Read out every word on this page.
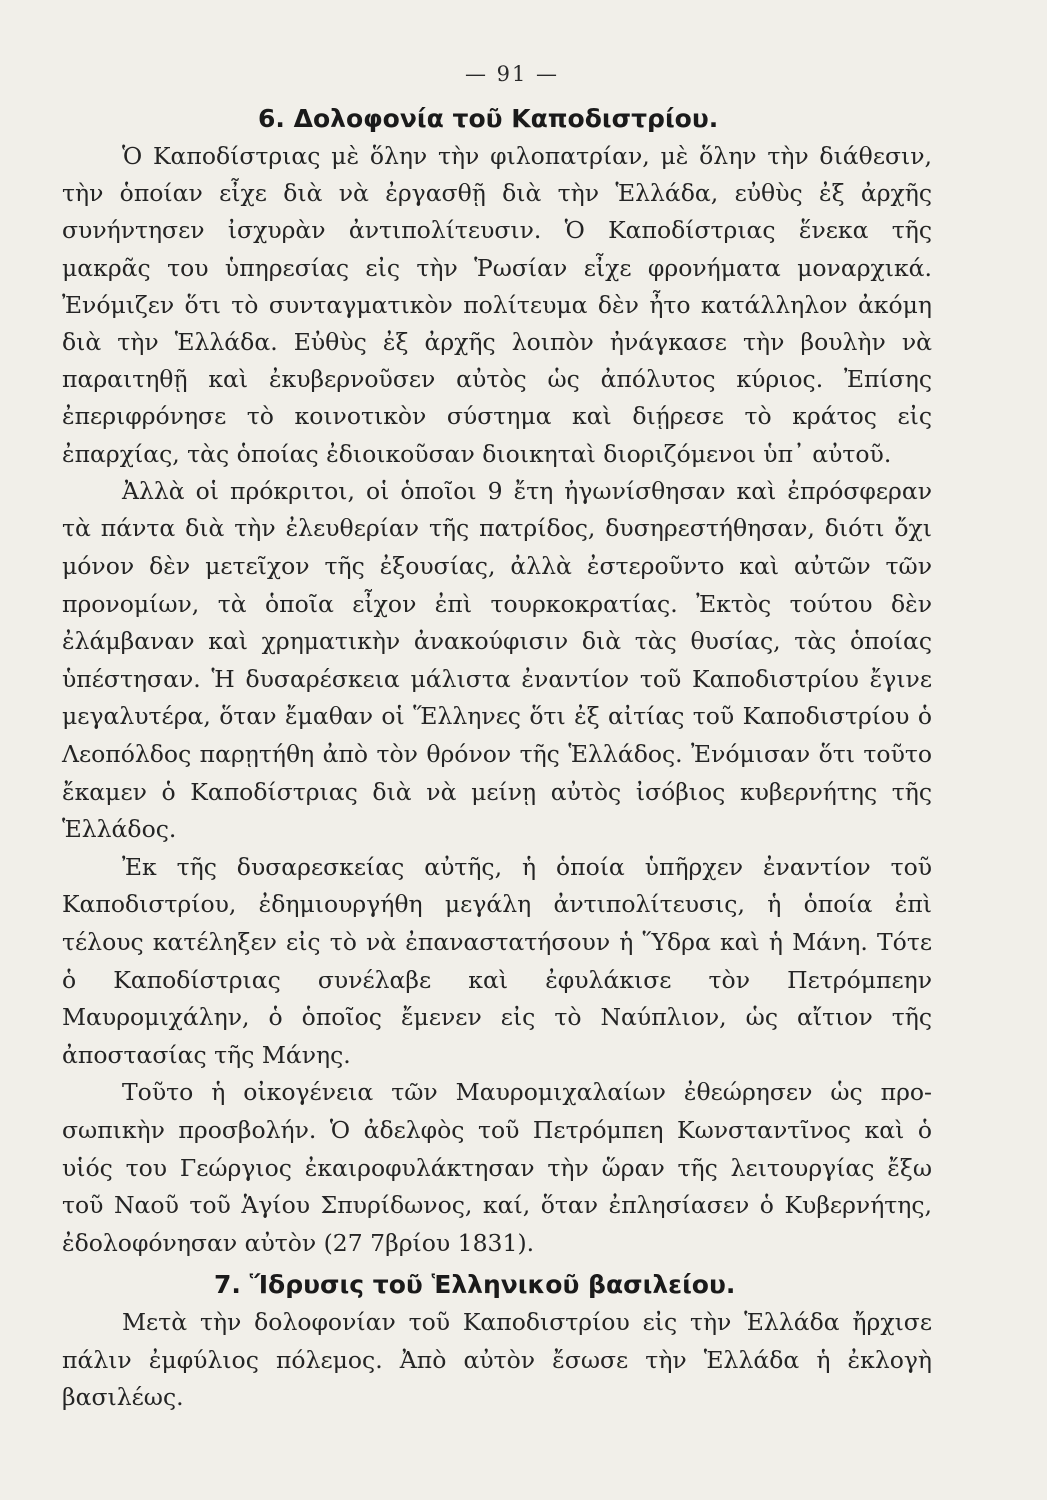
— 91 —
6. Δολοφονία τοῦ Καποδιστρίου.

Ὁ Καποδίστριας μὲ ὅλην τὴν φιλοπατρίαν, μὲ ὅλην τὴν διάθεσιν, τὴν ὁποίαν εἶχε διὰ νὰ ἐργασθῇ διὰ τὴν Ἑλλάδα, εὐθὺς ἐξ ἀρχῆς συνήντησεν ἰσχυρὰν ἀντιπολίτευσιν. Ὁ Καποδίστριας ἕνεκα τῆς μακρᾶς του ὑπηρεσίας εἰς τὴν Ῥωσίαν εἶχε φρονήματα μοναρχικά. Ἐνόμιζεν ὅτι τὸ συνταγματικὸν πολίτευμα δὲν ἦτο κατάλληλον ἀκόμη διὰ τὴν Ἑλλάδα. Εὐθὺς ἐξ ἀρχῆς λοιπὸν ἠνάγκασε τὴν βουλὴν νὰ παραιτηθῇ καὶ ἐκυβερνοῦσεν αὐτὸς ὡς ἀπόλυτος κύριος. Ἐπίσης ἐπεριφρόνησε τὸ κοινοτικὸν σύστημα καὶ διῄρεσε τὸ κράτος εἰς ἐπαρχίας, τὰς ὁποίας ἐδιοικοῦσαν διοικηταὶ διοριζόμενοι ὑπ᾽ αὐτοῦ.

Ἀλλὰ οἱ πρόκριτοι, οἱ ὁποῖοι 9 ἔτη ἠγωνίσθησαν καὶ ἐπρόσφεραν τὰ πάντα διὰ τὴν ἐλευθερίαν τῆς πατρίδος, δυσηρεστήθησαν, διότι ὄχι μόνον δὲν μετεῖχον τῆς ἐξουσίας, ἀλλὰ ἐστεροῦντο καὶ αὐτῶν τῶν προνομίων, τὰ ὁποῖα εἶχον ἐπὶ τουρκοκρατίας. Ἐκτὸς τούτου δὲν ἐλάμβαναν καὶ χρηματικὴν ἀνακούφισιν διὰ τὰς θυσίας, τὰς ὁποίας ὑπέστησαν. Ἡ δυσαρέσκεια μάλιστα ἐναντίον τοῦ Καποδιστρίου ἔγινε μεγαλυτέρα, ὅταν ἔμαθαν οἱ Ἕλληνες ὅτι ἐξ αἰτίας τοῦ Καποδιστρίου ὁ Λεοπόλδος παρῃτήθη ἀπὸ τὸν θρόνον τῆς Ἑλλάδος. Ἐνόμισαν ὅτι τοῦτο ἔκαμεν ὁ Καποδίστριας διὰ νὰ μείνῃ αὐτὸς ἰσόβιος κυβερνήτης τῆς Ἑλλάδος.

Ἐκ τῆς δυσαρεσκείας αὐτῆς, ἡ ὁποία ὑπῆρχεν ἐναντίον τοῦ Καποδιστρίου, ἐδημιουργήθη μεγάλη ἀντιπολίτευσις, ἡ ὁποία ἐπὶ τέλους κατέληξεν εἰς τὸ νὰ ἐπαναστατήσουν ἡ Ὕδρα καὶ ἡ Μάνη. Τότε ὁ Καποδίστριας συνέλαβε καὶ ἐφυλάκισε τὸν Πετρόμπεην Μαυρομιχάλην, ὁ ὁποῖος ἔμενεν εἰς τὸ Ναύπλιον, ὡς αἴτιον τῆς ἀποστασίας τῆς Μάνης.

Τοῦτο ἡ οἰκογένεια τῶν Μαυρομιχαλαίων ἐθεώρησεν ὡς προσωπικὴν προσβολήν. Ὁ ἀδελφὸς τοῦ Πετρόμπεη Κωνσταντῖνος καὶ ὁ υἱός του Γεώργιος ἐκαιροφυλάκτησαν τὴν ὥραν τῆς λειτουργίας ἔξω τοῦ Ναοῦ τοῦ Ἁγίου Σπυρίδωνος, καί, ὅταν ἐπλησίασεν ὁ Κυβερνήτης, ἐδολοφόνησαν αὐτὸν (27 7βρίου 1831).

7. Ἵδρυσις τοῦ Ἑλληνικοῦ βασιλείου.

Μετὰ τὴν δολοφονίαν τοῦ Καποδιστρίου εἰς τὴν Ἑλλάδα ἤρχισε πάλιν ἐμφύλιος πόλεμος. Ἀπὸ αὐτὸν ἔσωσε τὴν Ἑλλάδα ἡ ἐκλογὴ βασιλέως.
